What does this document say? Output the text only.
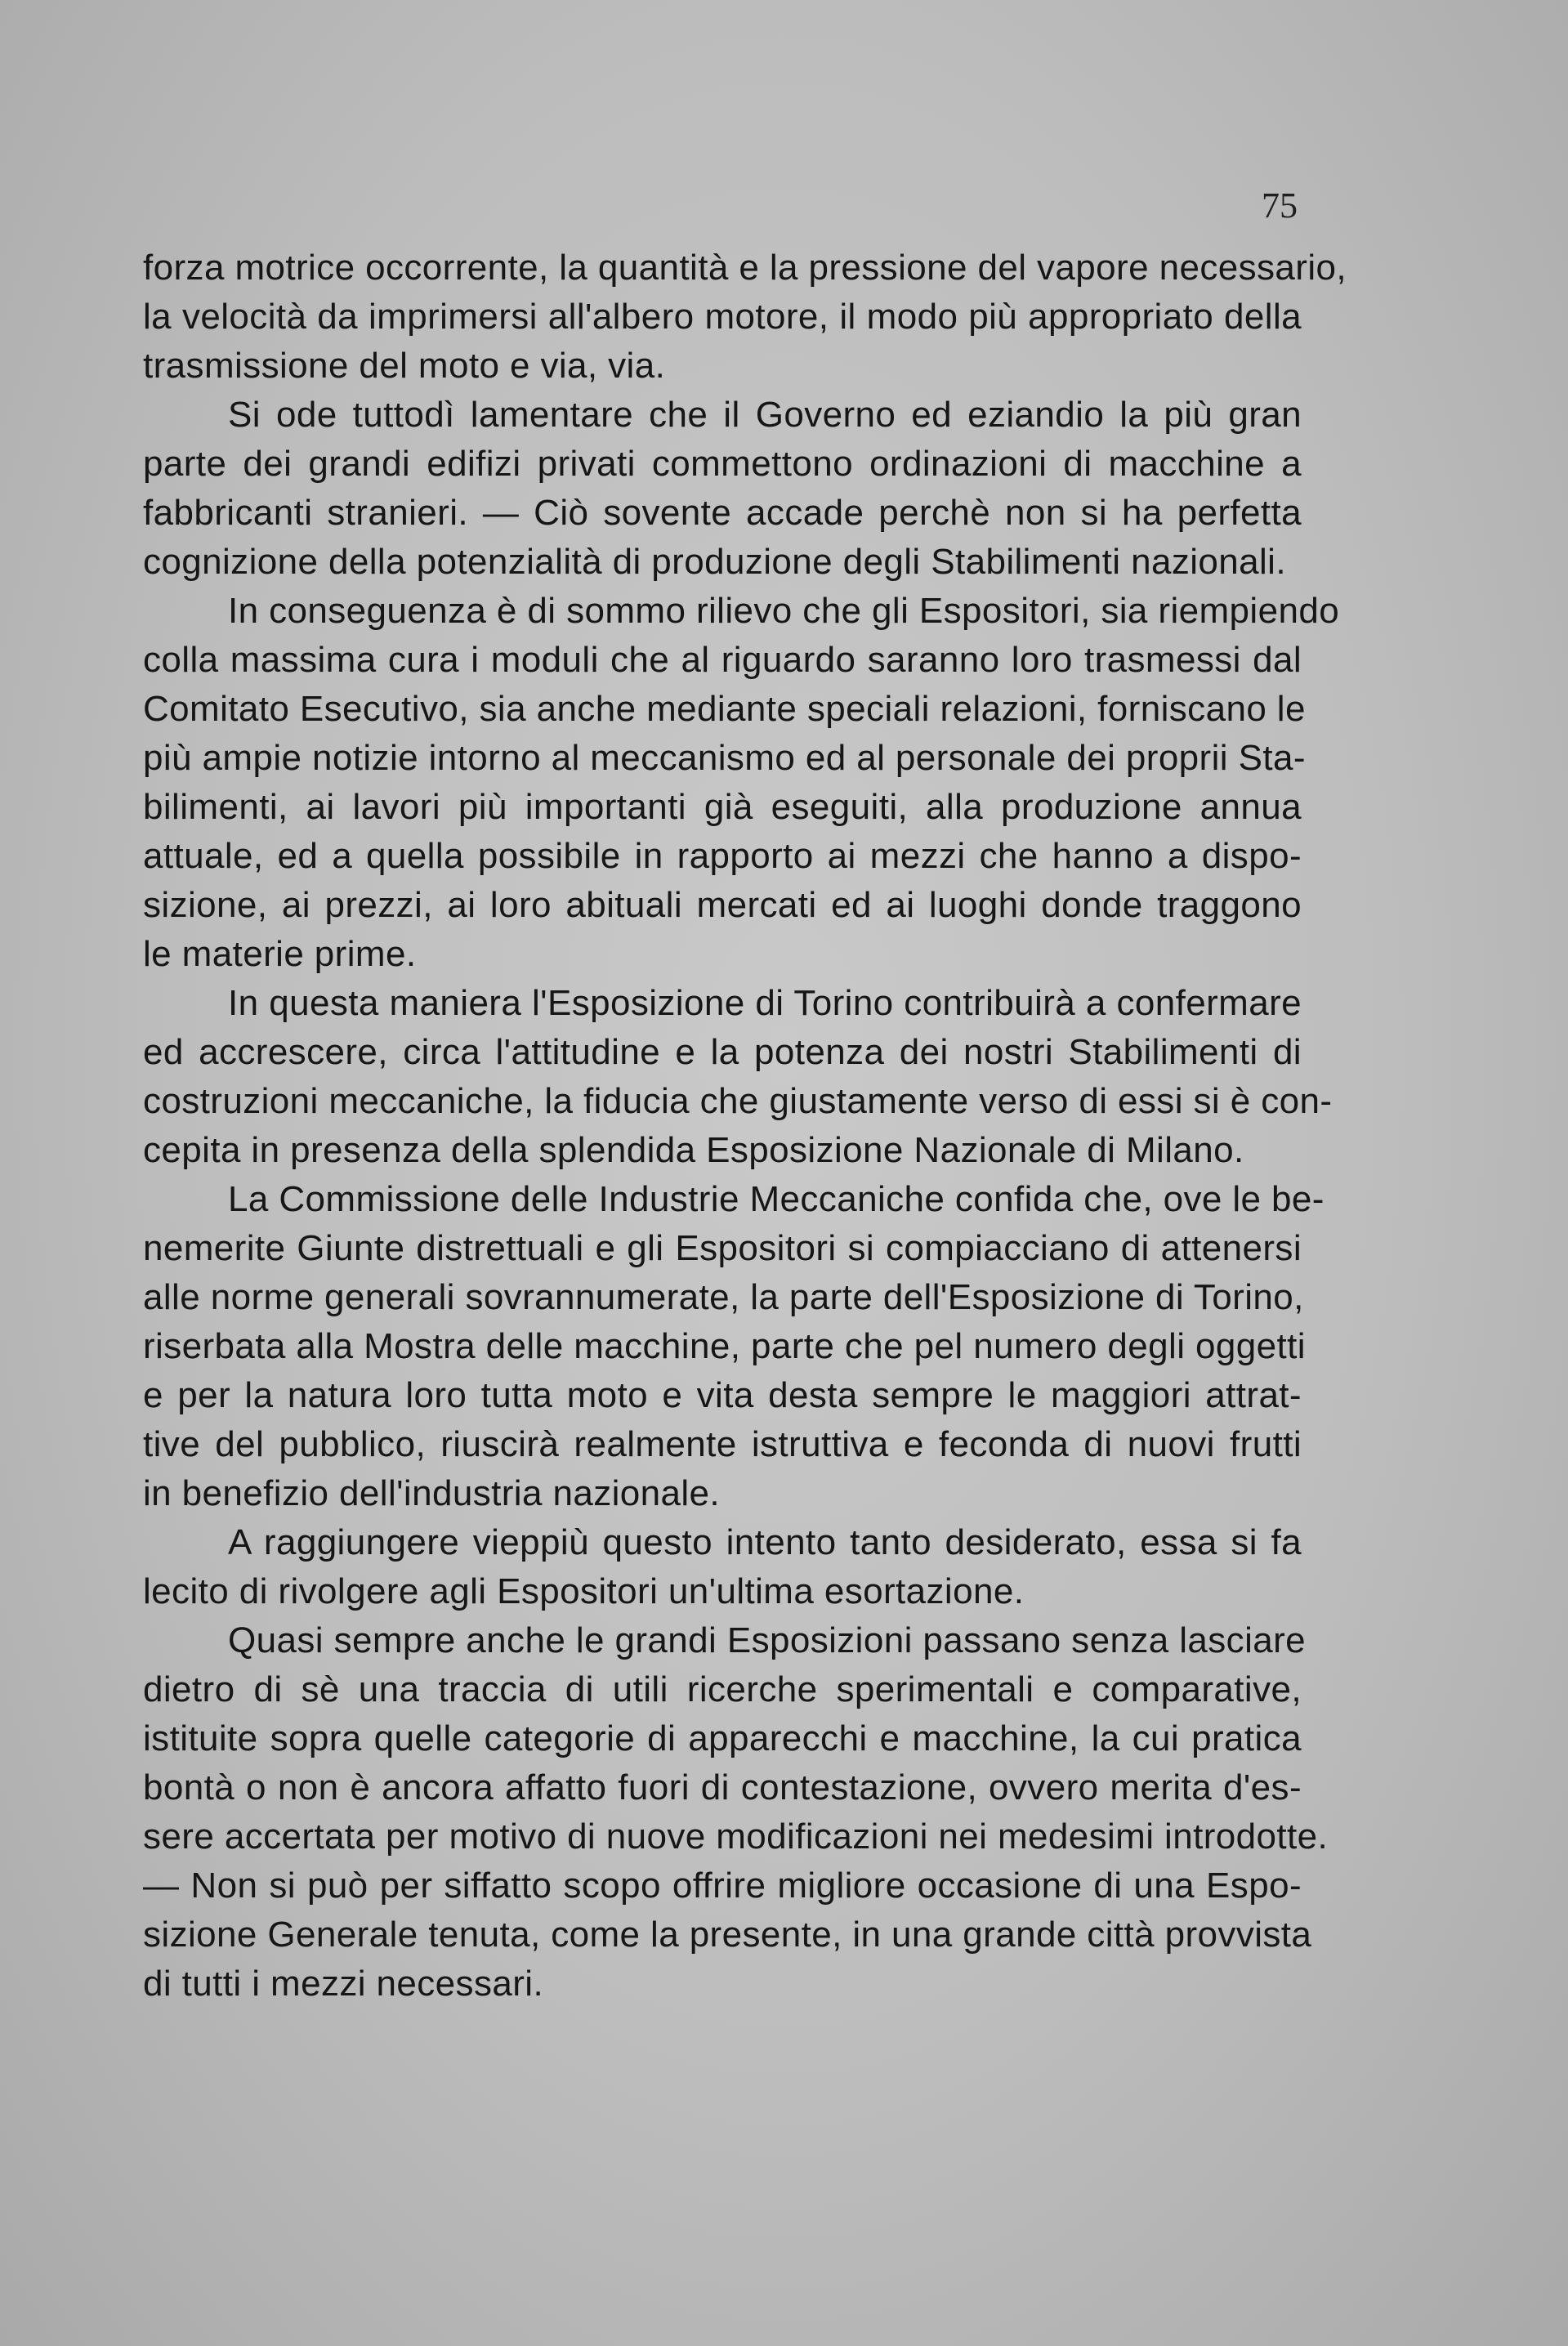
75
forza motrice occorrente, la quantità e la pressione del vapore necessario,
la velocità da imprimersi all'albero motore, il modo più appropriato della
trasmissione del moto e via, via.
Si ode tuttodì lamentare che il Governo ed eziandio la più gran
parte dei grandi edifizi privati commettono ordinazioni di macchine a
fabbricanti stranieri. — Ciò sovente accade perchè non si ha perfetta
cognizione della potenzialità di produzione degli Stabilimenti nazionali.
In conseguenza è di sommo rilievo che gli Espositori, sia riempiendo
colla massima cura i moduli che al riguardo saranno loro trasmessi dal
Comitato Esecutivo, sia anche mediante speciali relazioni, forniscano le
più ampie notizie intorno al meccanismo ed al personale dei proprii Sta-
bilimenti, ai lavori più importanti già eseguiti, alla produzione annua
attuale, ed a quella possibile in rapporto ai mezzi che hanno a dispo-
sizione, ai prezzi, ai loro abituali mercati ed ai luoghi donde traggono
le materie prime.
In questa maniera l'Esposizione di Torino contribuirà a confermare
ed accrescere, circa l'attitudine e la potenza dei nostri Stabilimenti di
costruzioni meccaniche, la fiducia che giustamente verso di essi si è con-
cepita in presenza della splendida Esposizione Nazionale di Milano.
La Commissione delle Industrie Meccaniche confida che, ove le be-
nemerite Giunte distrettuali e gli Espositori si compiacciano di attenersi
alle norme generali sovrannumerate, la parte dell'Esposizione di Torino,
riserbata alla Mostra delle macchine, parte che pel numero degli oggetti
e per la natura loro tutta moto e vita desta sempre le maggiori attrat-
tive del pubblico, riuscirà realmente istruttiva e feconda di nuovi frutti
in benefizio dell'industria nazionale.
A raggiungere vieppiù questo intento tanto desiderato, essa si fa
lecito di rivolgere agli Espositori un'ultima esortazione.
Quasi sempre anche le grandi Esposizioni passano senza lasciare
dietro di sè una traccia di utili ricerche sperimentali e comparative,
istituite sopra quelle categorie di apparecchi e macchine, la cui pratica
bontà o non è ancora affatto fuori di contestazione, ovvero merita d'es-
sere accertata per motivo di nuove modificazioni nei medesimi introdotte.
— Non si può per siffatto scopo offrire migliore occasione di una Espo-
sizione Generale tenuta, come la presente, in una grande città provvista
di tutti i mezzi necessari.
